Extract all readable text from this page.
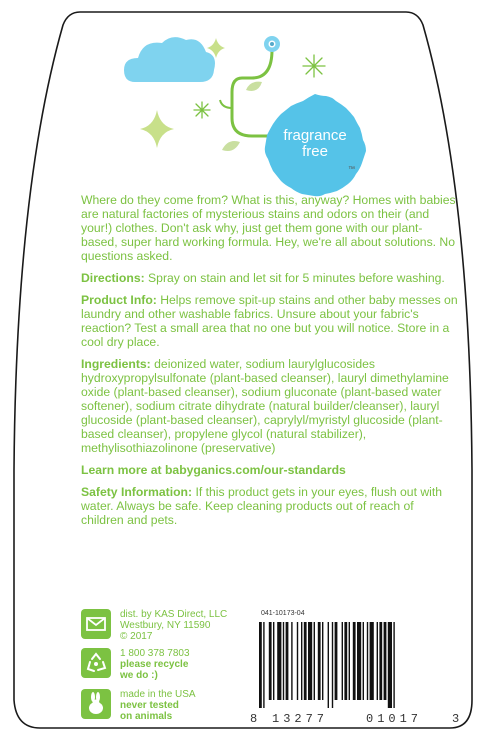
fragrance
free
™

Where do they come from? What is this, anyway? Homes with babies are natural factories of mysterious stains and odors on their (and your!) clothes. Don't ask why, just get them gone with our plant-based, super hard working formula. Hey, we're all about solutions. No questions asked.

Directions: Spray on stain and let sit for 5 minutes before washing.

Product Info: Helps remove spit-up stains and other baby messes on laundry and other washable fabrics. Unsure about your fabric's reaction? Test a small area that no one but you will notice. Store in a cool dry place.

Ingredients: deionized water, sodium laurylglucosides hydroxypropylsulfonate (plant-based cleanser), lauryl dimethylamine oxide (plant-based cleanser), sodium gluconate (plant-based water softener), sodium citrate dihydrate (natural builder/cleanser), lauryl glucoside (plant-based cleanser), caprylyl/myristyl glucoside (plant-based cleanser), propylene glycol (natural stabilizer), methylisothiazolinone (preservative)

Learn more at babyganics.com/our-standards

Safety Information: If this product gets in your eyes, flush out with water. Always be safe. Keep cleaning products out of reach of children and pets.

dist. by KAS Direct, LLC
Westbury, NY 11590
© 2017
1 800 378 7803
please recycle
we do :)
made in the USA
never tested
on animals
041-10173-04
8 13277	01017 3
